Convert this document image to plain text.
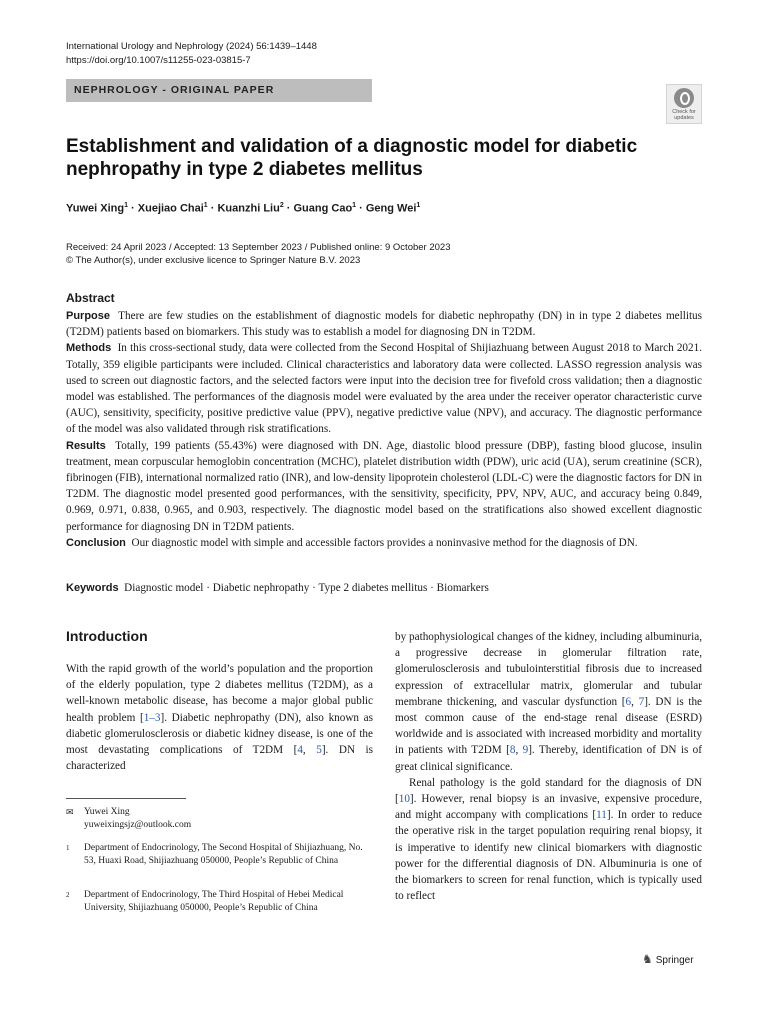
International Urology and Nephrology (2024) 56:1439–1448
https://doi.org/10.1007/s11255-023-03815-7
NEPHROLOGY - ORIGINAL PAPER
Check for
updates
Establishment and validation of a diagnostic model for diabetic nephropathy in type 2 diabetes mellitus
Yuwei Xing$^1$ · Xuejiao Chai$^1$ · Kuanzhi Liu$^2$ · Guang Cao$^1$ · Geng Wei$^1$
Received: 24 April 2023 / Accepted: 13 September 2023 / Published online: 9 October 2023
© The Author(s), under exclusive licence to Springer Nature B.V. 2023
Abstract

Purpose There are few studies on the establishment of diagnostic models for diabetic nephropathy (DN) in in type 2 diabetes mellitus (T2DM) patients based on biomarkers. This study was to establish a model for diagnosing DN in T2DM.

Methods In this cross-sectional study, data were collected from the Second Hospital of Shijiazhuang between August 2018 to March 2021. Totally, 359 eligible participants were included. Clinical characteristics and laboratory data were collected. LASSO regression analysis was used to screen out diagnostic factors, and the selected factors were input into the decision tree for fivefold cross validation; then a diagnostic model was established. The performances of the diagnosis model were evaluated by the area under the receiver operator characteristic curve (AUC), sensitivity, specificity, positive predictive value (PPV), negative predictive value (NPV), and accuracy. The diagnostic performance of the model was also validated through risk stratifications.

Results Totally, 199 patients (55.43%) were diagnosed with DN. Age, diastolic blood pressure (DBP), fasting blood glucose, insulin treatment, mean corpuscular hemoglobin concentration (MCHC), platelet distribution width (PDW), uric acid (UA), serum creatinine (SCR), fibrinogen (FIB), international normalized ratio (INR), and low-density lipoprotein cholesterol (LDL-C) were the diagnostic factors for DN in T2DM. The diagnostic model presented good performances, with the sensitivity, specificity, PPV, NPV, AUC, and accuracy being 0.849, 0.969, 0.971, 0.838, 0.965, and 0.903, respectively. The diagnostic model based on the stratifications also showed excellent diagnostic performance for diagnosing DN in T2DM patients.

Conclusion Our diagnostic model with simple and accessible factors provides a noninvasive method for the diagnosis of DN.

Keywords Diagnostic model · Diabetic nephropathy · Type 2 diabetes mellitus · Biomarkers
Introduction

With the rapid growth of the world’s population and the proportion of the elderly population, type 2 diabetes mellitus (T2DM), as a well-known metabolic disease, has become a major global public health problem [1–3]. Diabetic nephropathy (DN), also known as diabetic glomerulosclerosis or diabetic kidney disease, is one of the most devastating complications of T2DM [4, 5]. DN is characterized

by pathophysiological changes of the kidney, including albuminuria, a progressive decrease in glomerular filtration rate, glomerulosclerosis and tubulointerstitial fibrosis due to increased expression of extracellular matrix, glomerular and tubular membrane thickening, and vascular dysfunction [6, 7]. DN is the most common cause of the end-stage renal disease (ESRD) worldwide and is associated with increased morbidity and mortality in patients with T2DM [8, 9]. Thereby, identification of DN is of great clinical significance.

Renal pathology is the gold standard for the diagnosis of DN [10]. However, renal biopsy is an invasive, expensive procedure, and might accompany with complications [11]. In order to reduce the operative risk in the target population requiring renal biopsy, it is imperative to identify new clinical biomarkers with diagnostic power for the differential diagnosis of DN. Albuminuria is one of the biomarkers to screen for renal function, which is typically used to reflect

✉ Yuwei Xing
yuweixingsjz@outlook.com
1 Department of Endocrinology, The Second Hospital of Shijiazhuang, No. 53, Huaxi Road, Shijiazhuang 050000, People’s Republic of China
2 Department of Endocrinology, The Third Hospital of Hebei Medical University, Shijiazhuang 050000, People’s Republic of China
♞ Springer
